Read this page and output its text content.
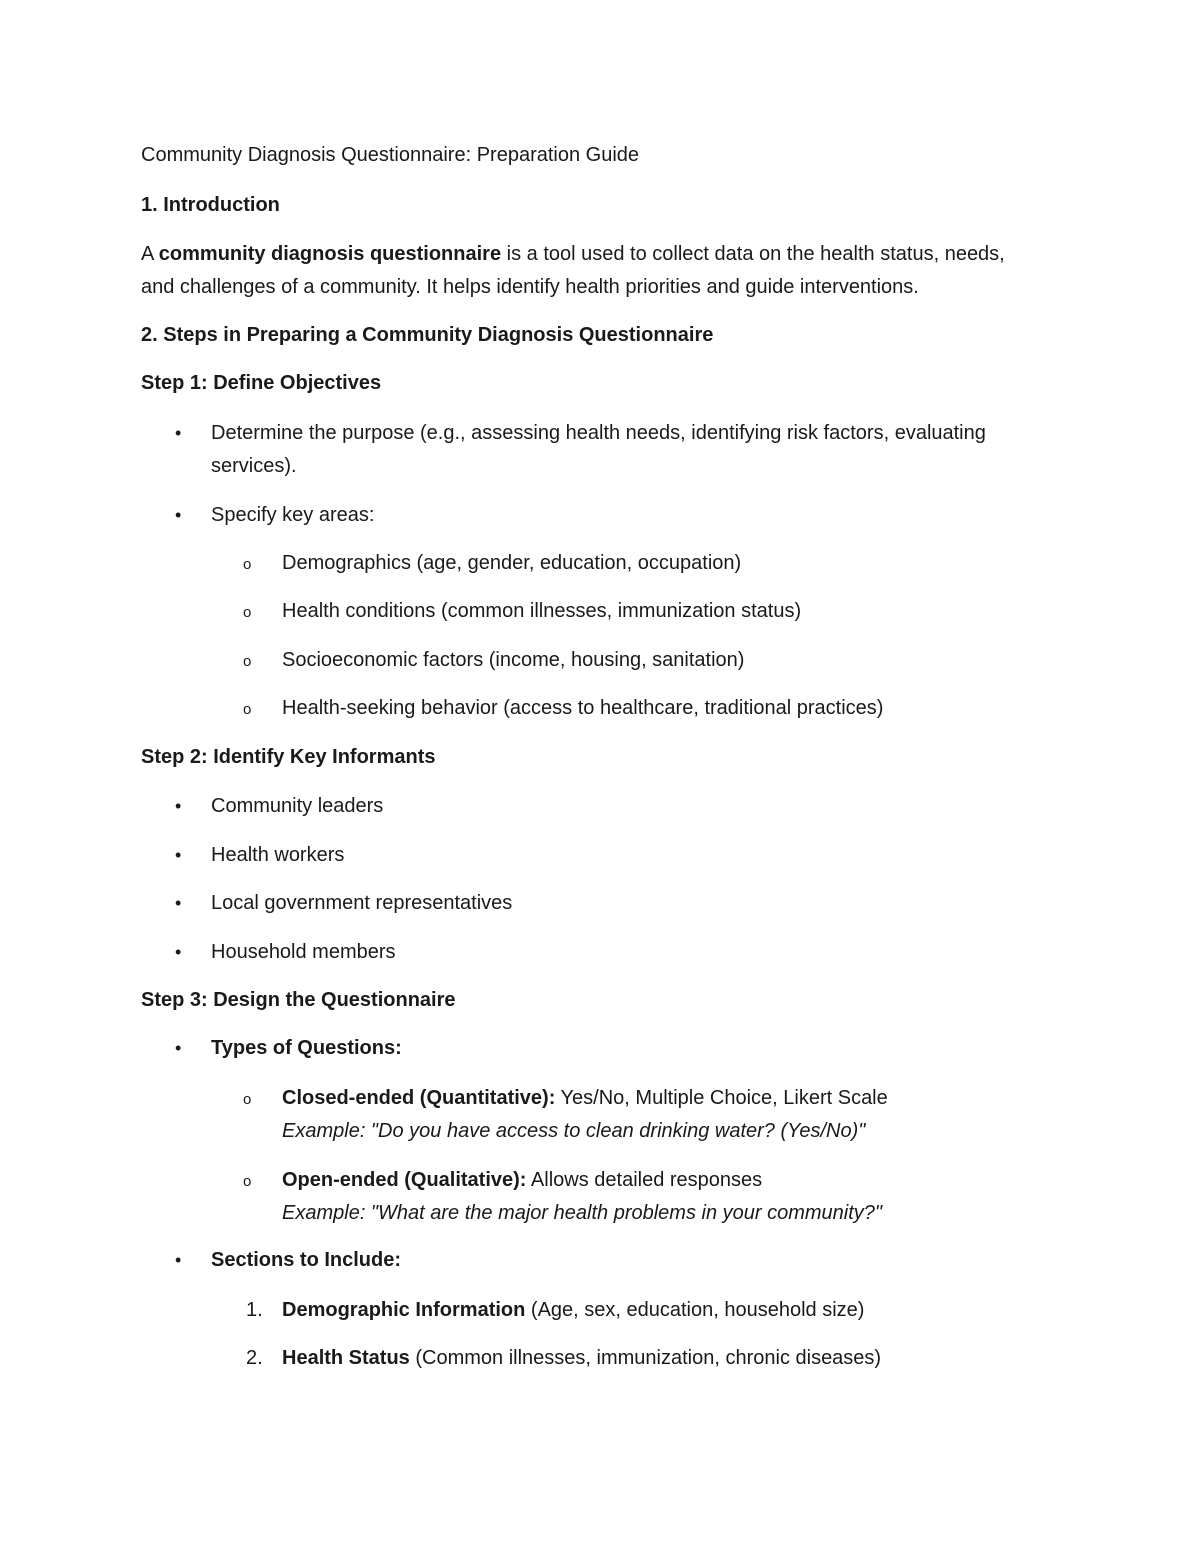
Community Diagnosis Questionnaire: Preparation Guide
1. Introduction
A community diagnosis questionnaire is a tool used to collect data on the health status, needs,
and challenges of a community. It helps identify health priorities and guide interventions.
2. Steps in Preparing a Community Diagnosis Questionnaire
Step 1: Define Objectives
• Determine the purpose (e.g., assessing health needs, identifying risk factors, evaluating
services).
• Specify key areas:
o	Demographics (age, gender, education, occupation)
o	Health conditions (common illnesses, immunization status)
o	Socioeconomic factors (income, housing, sanitation)
o	Health-seeking behavior (access to healthcare, traditional practices)
Step 2: Identify Key Informants
• Community leaders
• Health workers
• Local government representatives
• Household members
Step 3: Design the Questionnaire
• Types of Questions:
o	Closed-ended (Quantitative): Yes/No, Multiple Choice, Likert Scale
Example: "Do you have access to clean drinking water? (Yes/No)"
o	Open-ended (Qualitative): Allows detailed responses
Example: "What are the major health problems in your community?"
• Sections to Include:
1. Demographic Information (Age, sex, education, household size)
2. Health Status (Common illnesses, immunization, chronic diseases)
